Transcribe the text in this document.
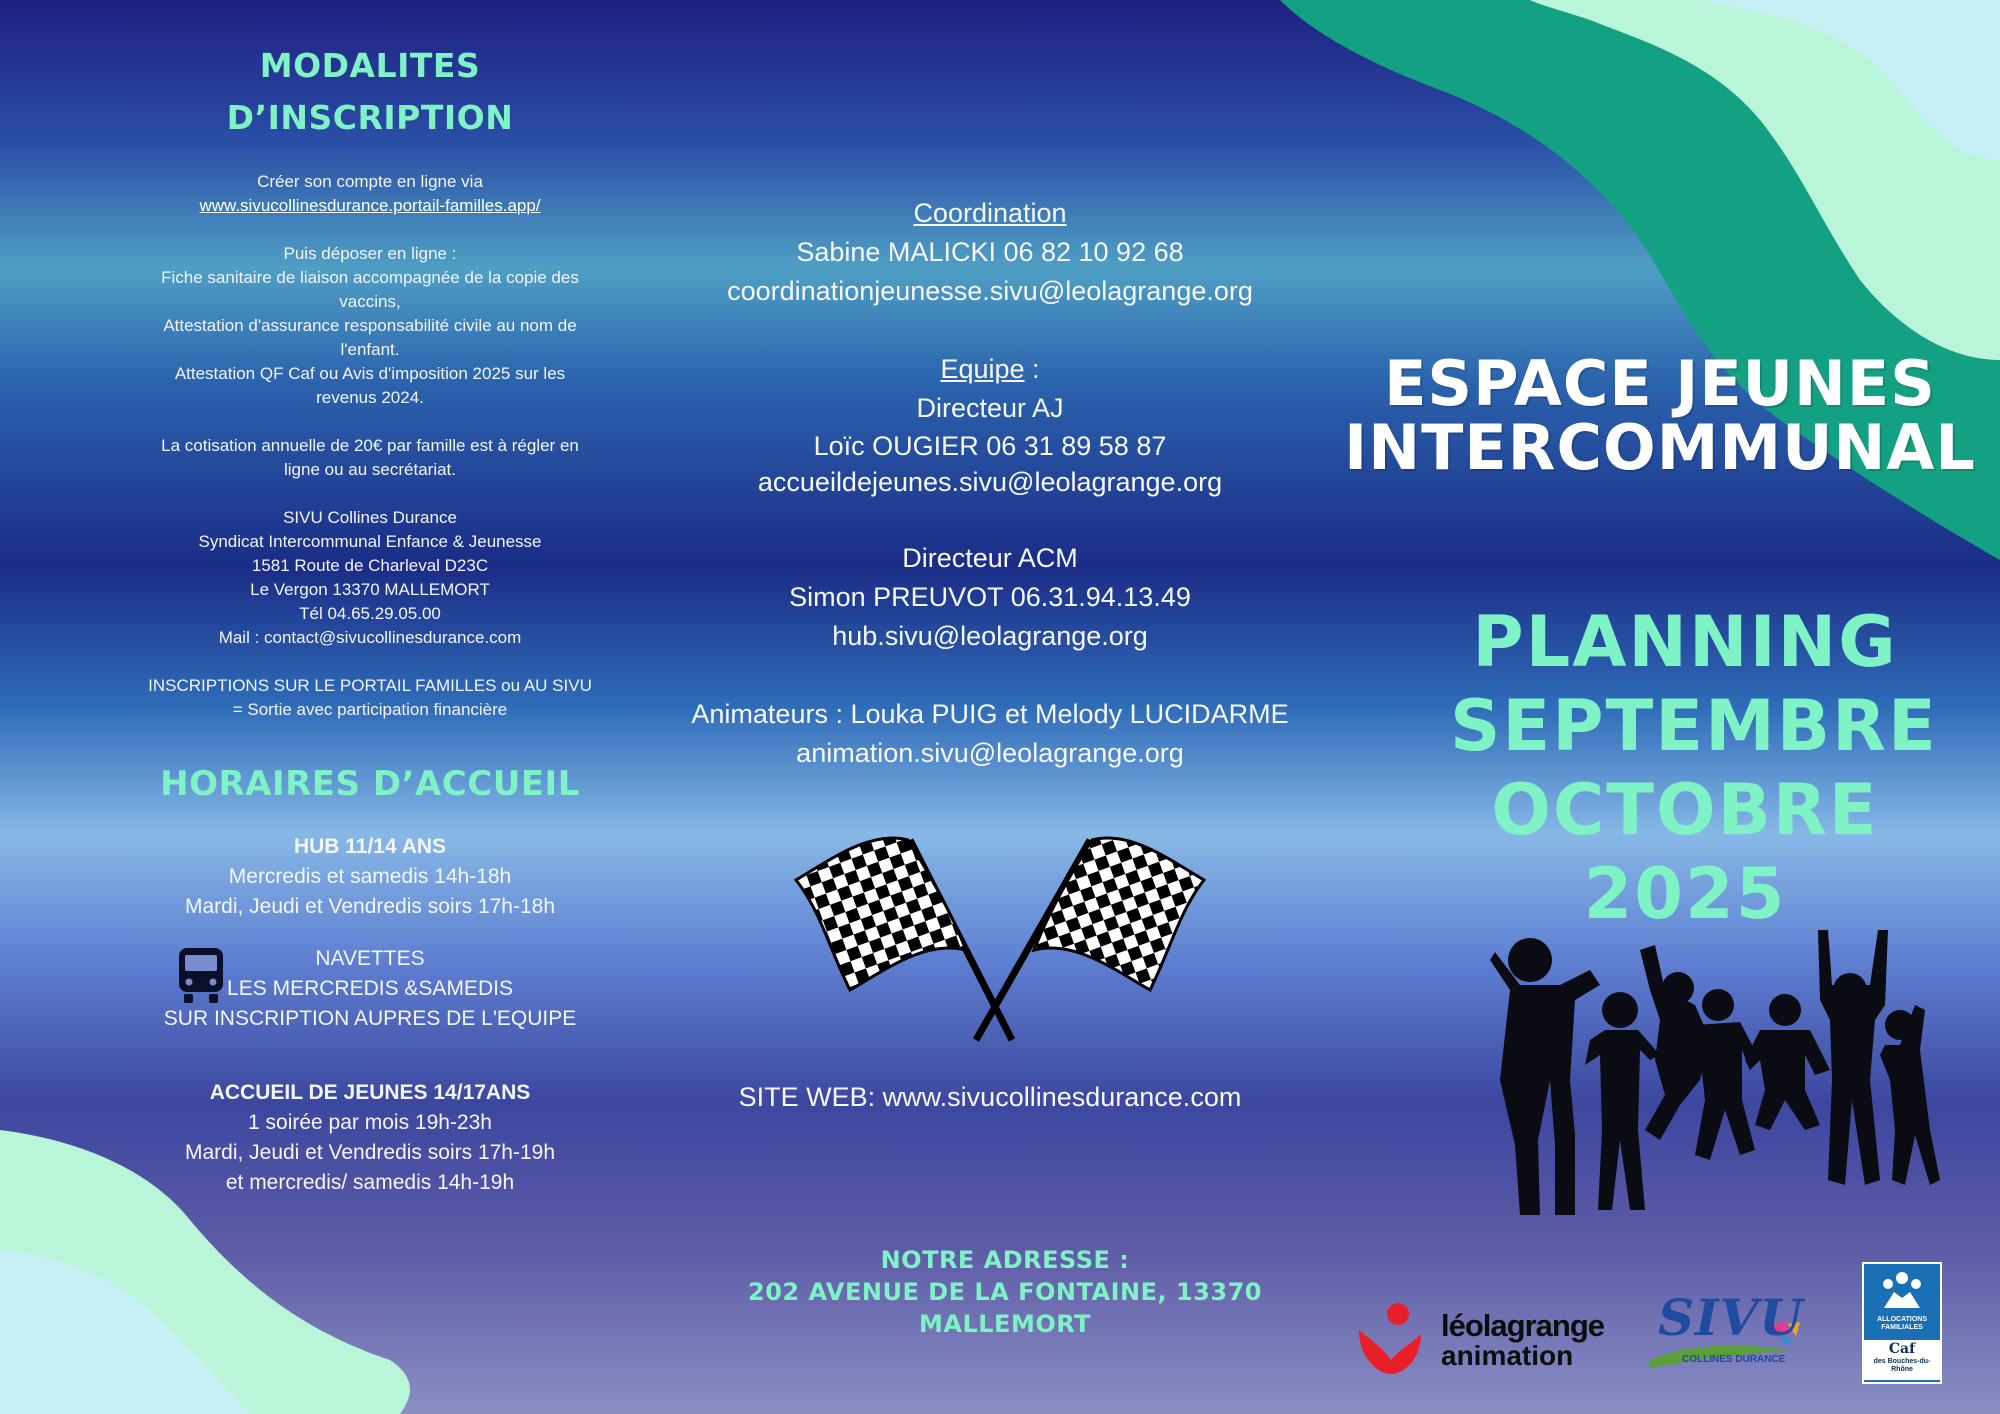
MODALITES D’INSCRIPTION

Créer son compte en ligne via

www.sivucollinesdurance.portail-familles.app/

Puis déposer en ligne :

Fiche sanitaire de liaison accompagnée de la copie des

vaccins,

Attestation d'assurance responsabilité civile au nom de

l'enfant.

Attestation QF Caf ou Avis d'imposition 2025 sur les

revenus 2024.

La cotisation annuelle de 20€ par famille est à régler en

ligne ou au secrétariat.

SIVU Collines Durance

Syndicat Intercommunal Enfance & Jeunesse

1581 Route de Charleval D23C

Le Vergon 13370 MALLEMORT

Tél 04.65.29.05.00

Mail : contact@sivucollinesdurance.com

INSCRIPTIONS SUR LE PORTAIL FAMILLES ou AU SIVU

= Sortie avec participation financière

HORAIRES D’ACCUEIL

HUB 11/14 ANS

Mercredis et samedis 14h-18h

Mardi, Jeudi et Vendredis soirs 17h-18h

NAVETTES

LES MERCREDIS &SAMEDIS

SUR INSCRIPTION AUPRES DE L'EQUIPE

ACCUEIL DE JEUNES 14/17ANS

1 soirée par mois 19h-23h

Mardi, Jeudi et Vendredis soirs 17h-19h

et mercredis/ samedis 14h-19h

Coordination

Sabine MALICKI 06 82 10 92 68

coordinationjeunesse.sivu@leolagrange.org

Equipe :

Directeur AJ

Loïc OUGIER 06 31 89 58 87

accueildejeunes.sivu@leolagrange.org

Directeur ACM

Simon PREUVOT 06.31.94.13.49

hub.sivu@leolagrange.org

Animateurs : Louka PUIG et Melody LUCIDARME

animation.sivu@leolagrange.org

SITE WEB: www.sivucollinesdurance.com
NOTRE ADRESSE :
202 AVENUE DE LA FONTAINE, 13370 MALLEMORT
ESPACE JEUNES
INTERCOMMUNAL
PLANNING
SEPTEMBRE
OCTOBRE
2025
léolagrange
animation
SIVU
COLLINES DURANCE
ALLOCATIONS FAMILIALES
Caf
des Bouches-du-Rhône
